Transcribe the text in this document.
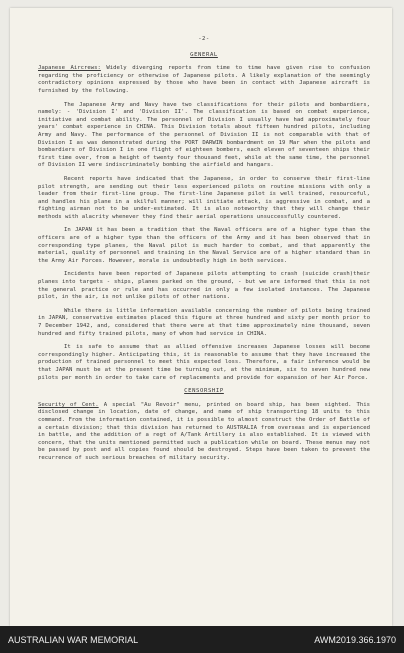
-2-
GENERAL

Japanese Aircrews: Widely diverging reports from time to time have given rise to confusion regarding the proficiency or otherwise of Japanese pilots. A likely explanation of the seemingly contradictory opinions expressed by those who have been in contact with Japanese aircraft is furnished by the following.

The Japanese Army and Navy have two classifications for their pilots and bombardiers, namely: - 'Division I' and 'Division II'. The classification is based on combat experience, initiative and combat ability. The personnel of Division I usually have had approximately four years' combat experience in CHINA. This Division totals about fifteen hundred pilots, including Army and Navy. The performance of the personnel of Division II is not comparable with that of Division I as was demonstrated during the PORT DARWIN bombardment on 19 Mar when the pilots and bombardiers of Division I in one flight of eighteen bombers, each eleven of seventeen ships their first time over, from a height of twenty four thousand feet, while at the same time, the personnel of Division II were indiscriminately bombing the airfield and hangars.

Recent reports have indicated that the Japanese, in order to conserve their first-line pilot strength, are sending out their less experienced pilots on routine missions with only a leader from their first-line group. The first-line Japanese pilot is well trained, resourceful, and handles his plane in a skilful manner; will initiate attack, is aggressive in combat, and a fighting airman not to be under-estimated. It is also noteworthy that they will change their methods with alacrity whenever they find their aerial operations unsuccessfully countered.

In JAPAN it has been a tradition that the Naval officers are of a higher type than the officers are of a higher type than the officers of the Army and it has been observed that in corresponding type planes, the Naval pilot is much harder to combat, and that apparently the material, quality of personnel and training in the Naval Service are of a higher standard than in the Army Air Forces. However, morale is undoubtedly high in both services.

Incidents have been reported of Japanese pilots attempting to crash (suicide crash)their planes into targets - ships, planes parked on the ground, - but we are informed that this is not the general practice or rule and has occurred in only a few isolated instances. The Japanese pilot, in the air, is not unlike pilots of other nations.

While there is little information available concerning the number of pilots being trained in JAPAN, conservative estimates placed this figure at three hundred and sixty per month prior to 7 December 1942, and, considered that there were at that time approximately nine thousand, seven hundred and fifty trained pilots, many of whom had service in CHINA.

It is safe to assume that as allied offensive increases Japanese losses will become correspondingly higher. Anticipating this, it is reasonable to assume that they have increased the production of trained personnel to meet this expected loss. Therefore, a fair inference would be that JAPAN must be at the present time be turning out, at the minimum, six to seven hundred new pilots per month in order to take care of replacements and provide for expansion of her Air Force.

CENSORSHIP

Security of Cent. A special "Au Revoir" menu, printed on board ship, has been sighted. This disclosed change in location, date of change, and name of ship transporting 18 units to this command. From the information contained, it is possible to almost construct the Order of Battle of a certain division; that this division has returned to AUSTRALIA from overseas and is experienced in battle, and the addition of a regt of A/Tank Artillery is also established. It is viewed with concern, that the units mentioned permitted such a publication while on board. These menus may not be passed by post and all copies found should be destroyed. Steps have been taken to prevent the recurrence of such serious breaches of military security.

AUSTRALIAN WAR MEMORIAL	AWM2019.366.1970
